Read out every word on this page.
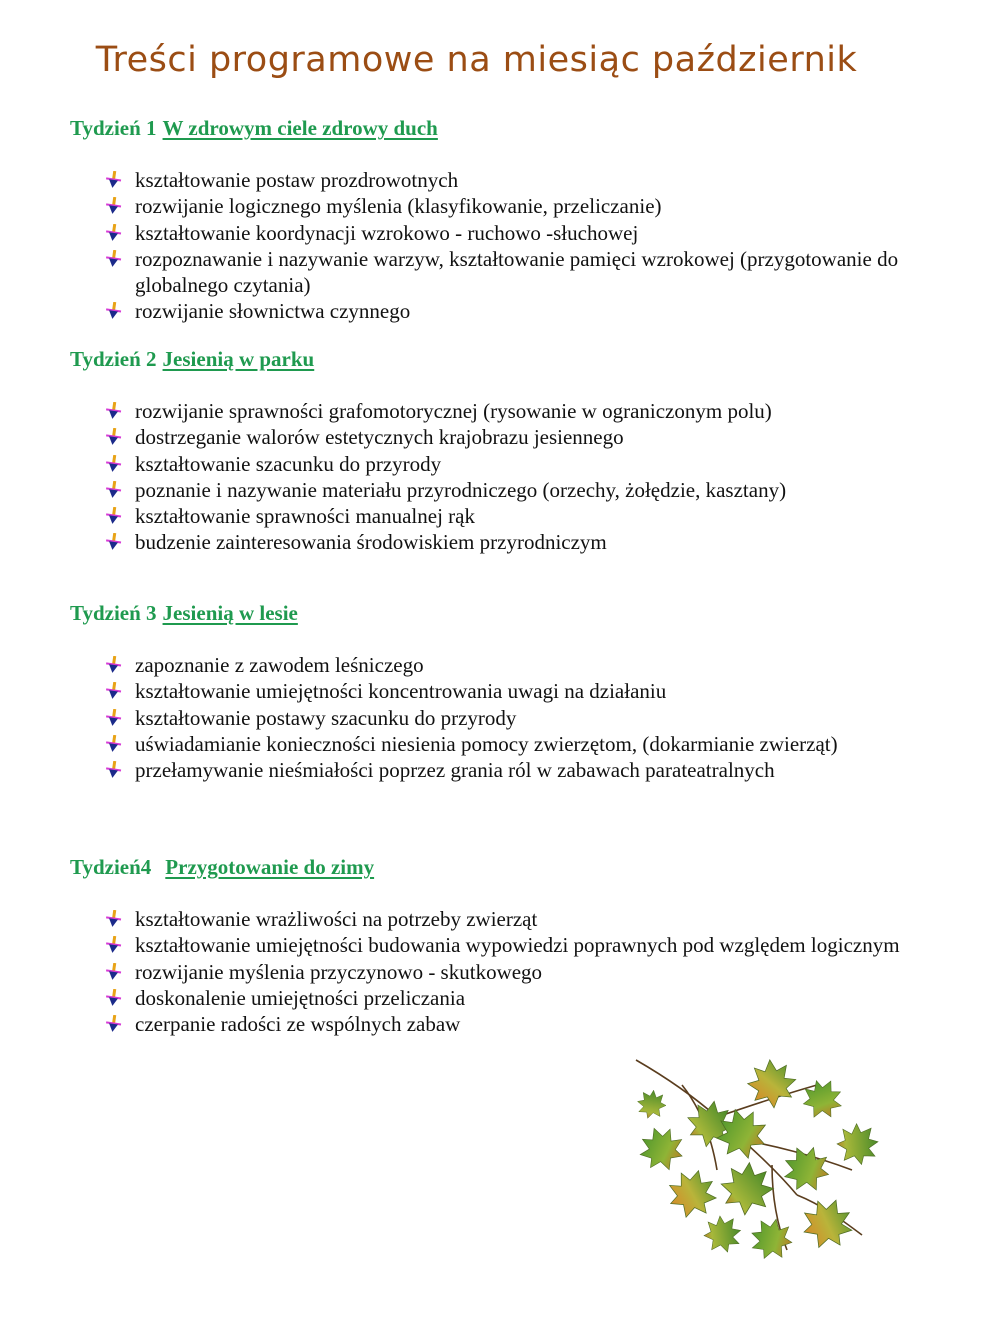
Treści programowe na miesiąc październik
Tydzień 1 W zdrowym ciele zdrowy duch
kształtowanie postaw prozdrowotnych
rozwijanie logicznego myślenia (klasyfikowanie, przeliczanie)
kształtowanie koordynacji wzrokowo - ruchowo -słuchowej
rozpoznawanie i nazywanie warzyw, kształtowanie pamięci wzrokowej (przygotowanie do globalnego czytania)
rozwijanie słownictwa czynnego
Tydzień 2 Jesienią w parku
rozwijanie sprawności grafomotorycznej (rysowanie w ograniczonym polu)
dostrzeganie walorów estetycznych krajobrazu jesiennego
kształtowanie szacunku do przyrody
poznanie i nazywanie materiału przyrodniczego (orzechy, żołędzie, kasztany)
kształtowanie sprawności manualnej rąk
budzenie zainteresowania środowiskiem przyrodniczym
Tydzień 3 Jesienią w lesie
zapoznanie z zawodem leśniczego
kształtowanie umiejętności koncentrowania uwagi na działaniu
kształtowanie postawy szacunku do przyrody
uświadamianie konieczności niesienia pomocy zwierzętom, (dokarmianie zwierząt)
przełamywanie nieśmiałości poprzez grania ról w zabawach parateatralnych
Tydzień4 Przygotowanie do zimy
kształtowanie wrażliwości na potrzeby zwierząt
kształtowanie umiejętności budowania wypowiedzi poprawnych pod względem logicznym
rozwijanie myślenia przyczynowo - skutkowego
doskonalenie umiejętności przeliczania
czerpanie radości ze wspólnych zabaw
